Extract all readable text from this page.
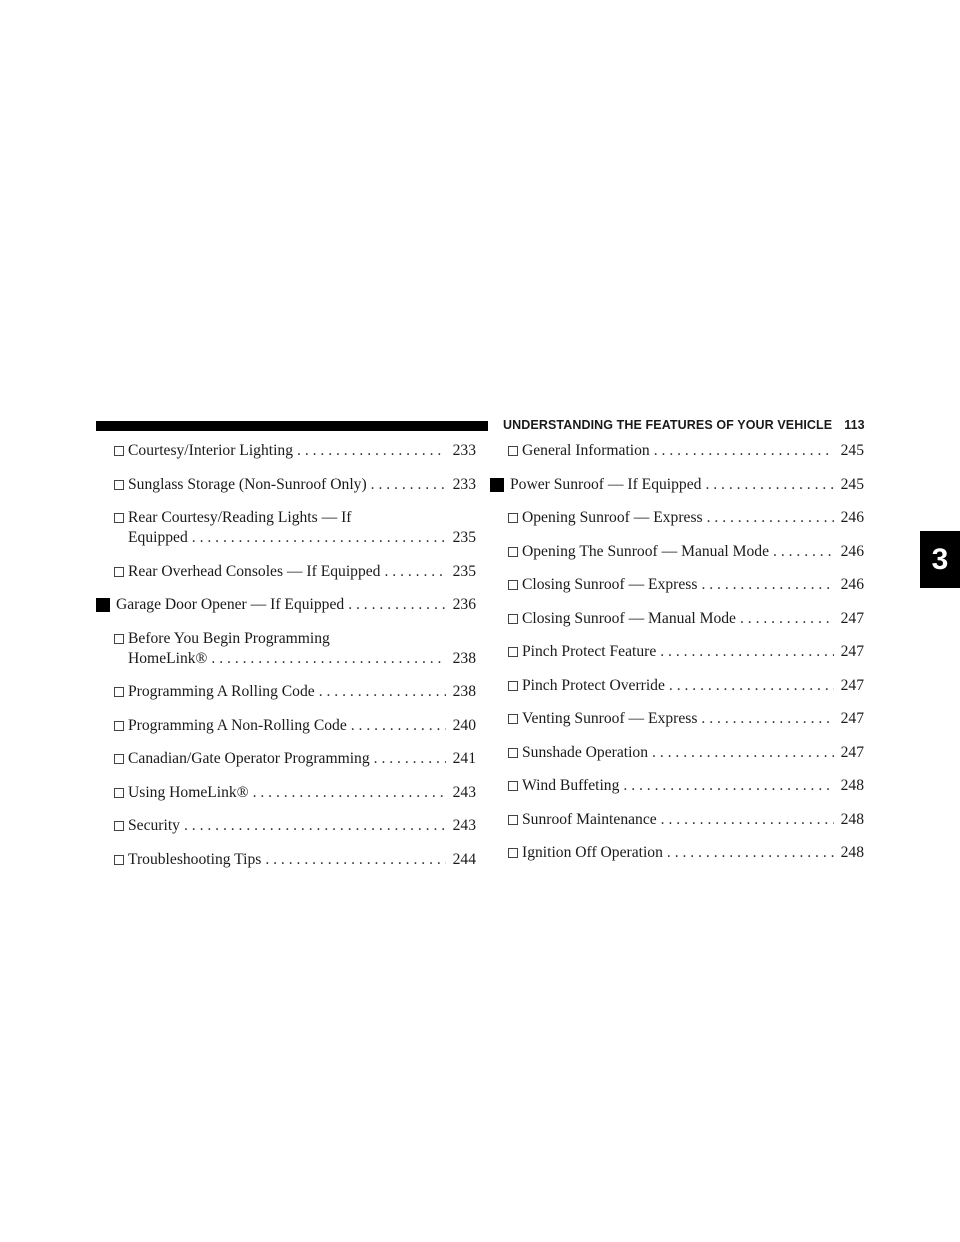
UNDERSTANDING THE FEATURES OF YOUR VEHICLE 113
3
Courtesy/Interior Lighting . . .	233
Sunglass Storage (Non-Sunroof Only) . . .	233
Rear Courtesy/Reading Lights — If
Equipped . . .	235
Rear Overhead Consoles — If Equipped . . .	235
Garage Door Opener — If Equipped . . .	236
Before You Begin Programming
HomeLink® . . .	238
Programming A Rolling Code . . .	238
Programming A Non-Rolling Code . . .	240
Canadian/Gate Operator Programming . . .	241
Using HomeLink® . . .	243
Security . . .	243
Troubleshooting Tips . . .	244
General Information . . .	245
Power Sunroof — If Equipped . . .	245
Opening Sunroof — Express . . .	246
Opening The Sunroof — Manual Mode . . .	246
Closing Sunroof — Express . . .	246
Closing Sunroof — Manual Mode . . .	247
Pinch Protect Feature . . .	247
Pinch Protect Override . . .	247
Venting Sunroof — Express . . .	247
Sunshade Operation . . .	247
Wind Buffeting . . .	248
Sunroof Maintenance . . .	248
Ignition Off Operation . . .	248
